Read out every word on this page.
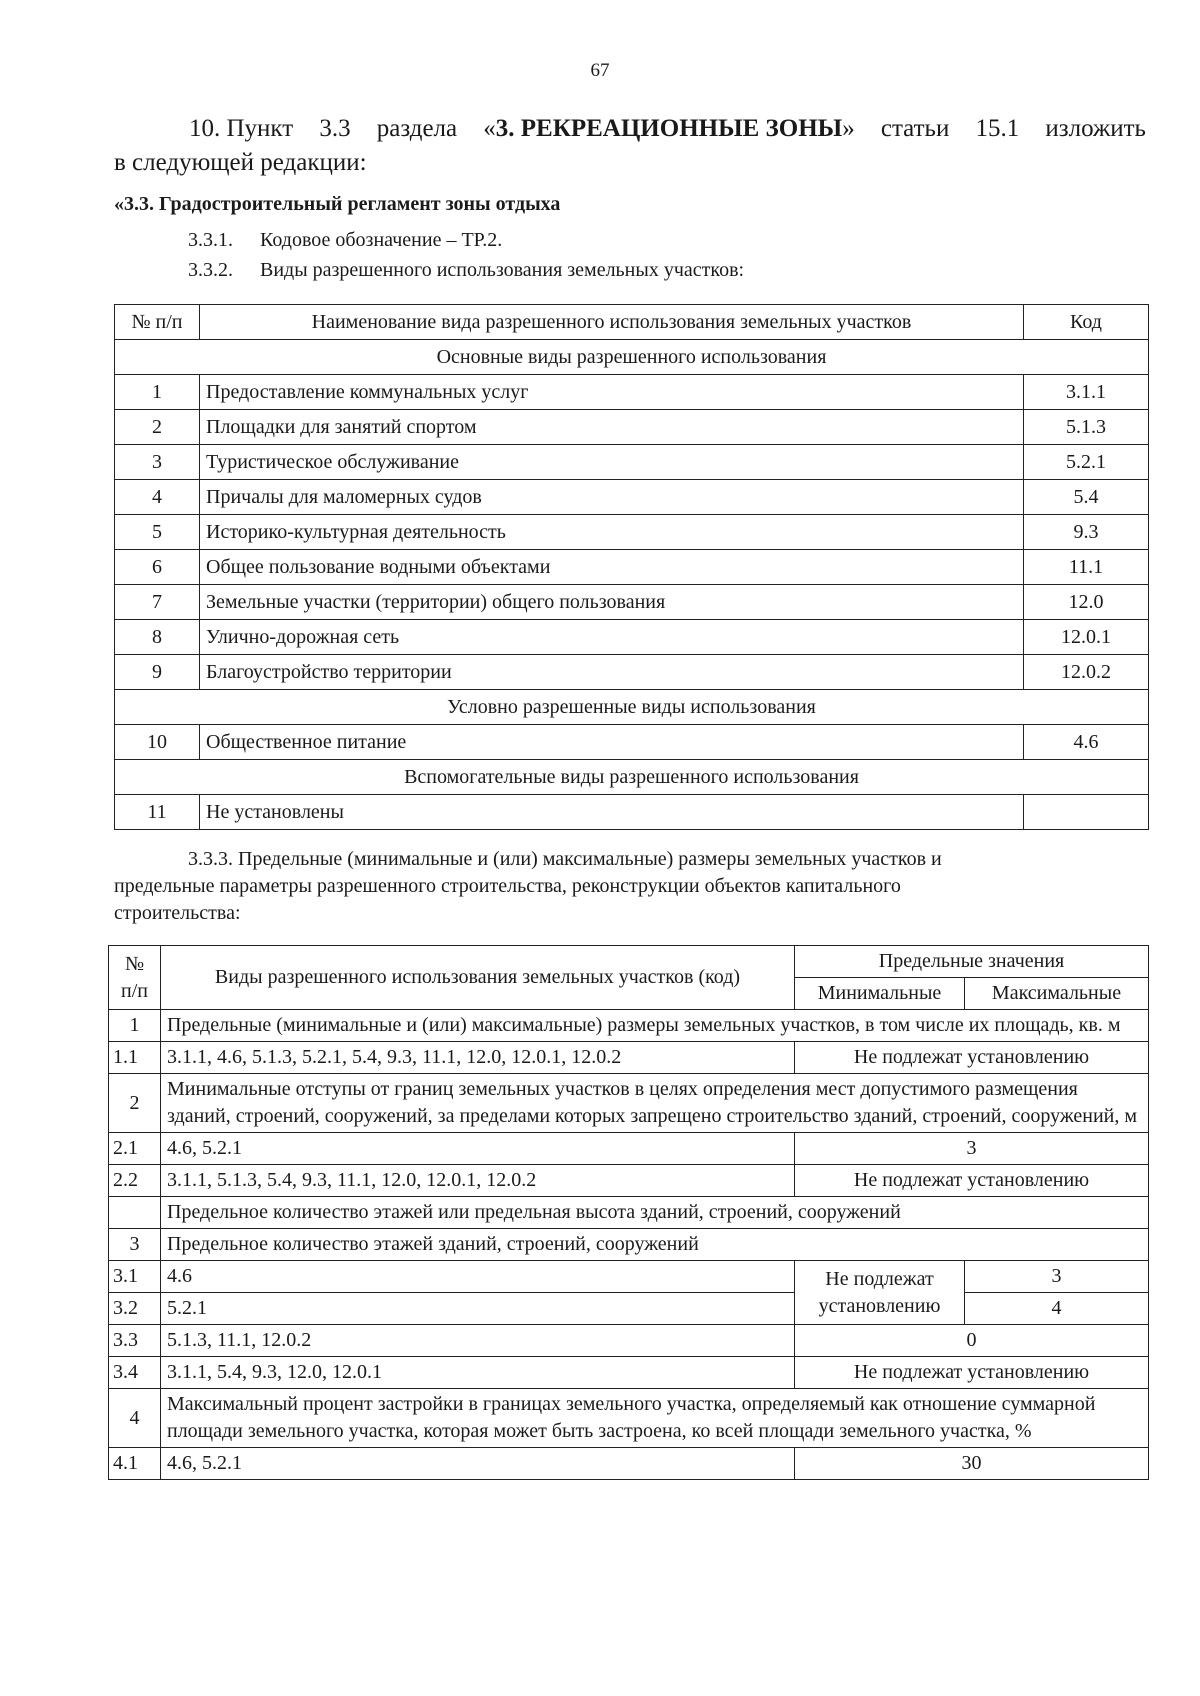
67
10. Пункт 3.3 раздела «3. РЕКРЕАЦИОННЫЕ ЗОНЫ» статьи 15.1 изложить
в следующей редакции:
«3.3. Градостроительный регламент зоны отдыха
3.3.1. Кодовое обозначение – ТР.2.
3.3.2. Виды разрешенного использования земельных участков:
№ п/п	Наименование вида разрешенного использования земельных участков	Код
Основные виды разрешенного использования		
1	Предоставление коммунальных услуг	3.1.1
2	Площадки для занятий спортом	5.1.3
3	Туристическое обслуживание	5.2.1
4	Причалы для маломерных судов	5.4
5	Историко-культурная деятельность	9.3
6	Общее пользование водными объектами	11.1
7	Земельные участки (территории) общего пользования	12.0
8	Улично-дорожная сеть	12.0.1
9	Благоустройство территории	12.0.2
Условно разрешенные виды использования		
10	Общественное питание	4.6
Вспомогательные виды разрешенного использования		
11	Не установлены	
3.3.3. Предельные (минимальные и (или) максимальные) размеры земельных участков и
предельные параметры разрешенного строительства, реконструкции объектов капитального
строительства:
№ п/п	Виды разрешенного использования земельных участков (код)	Предельные значения	
		Минимальные	Максимальные
1	Предельные (минимальные и (или) максимальные) размеры земельных участков, в том числе их площадь, кв. м		
1.1	3.1.1, 4.6, 5.1.3, 5.2.1, 5.4, 9.3, 11.1, 12.0, 12.0.1, 12.0.2	Не подлежат установлению	
2	Минимальные отступы от границ земельных участков в целях определения мест допустимого размещения зданий, строений, сооружений, за пределами которых запрещено строительство зданий, строений, сооружений, м		
2.1	4.6, 5.2.1	3	
2.2	3.1.1, 5.1.3, 5.4, 9.3, 11.1, 12.0, 12.0.1, 12.0.2	Не подлежат установлению	
	Предельное количество этажей или предельная высота зданий, строений, сооружений		
3	Предельное количество этажей зданий, строений, сооружений		
3.1	4.6	Не подлежат установлению	3
3.2	5.2.1		4
3.3	5.1.3, 11.1, 12.0.2	0	
3.4	3.1.1, 5.4, 9.3, 12.0, 12.0.1	Не подлежат установлению	
4	Максимальный процент застройки в границах земельного участка, определяемый как отношение суммарной площади земельного участка, которая может быть застроена, ко всей площади земельного участка, %		
4.1	4.6, 5.2.1	30	
